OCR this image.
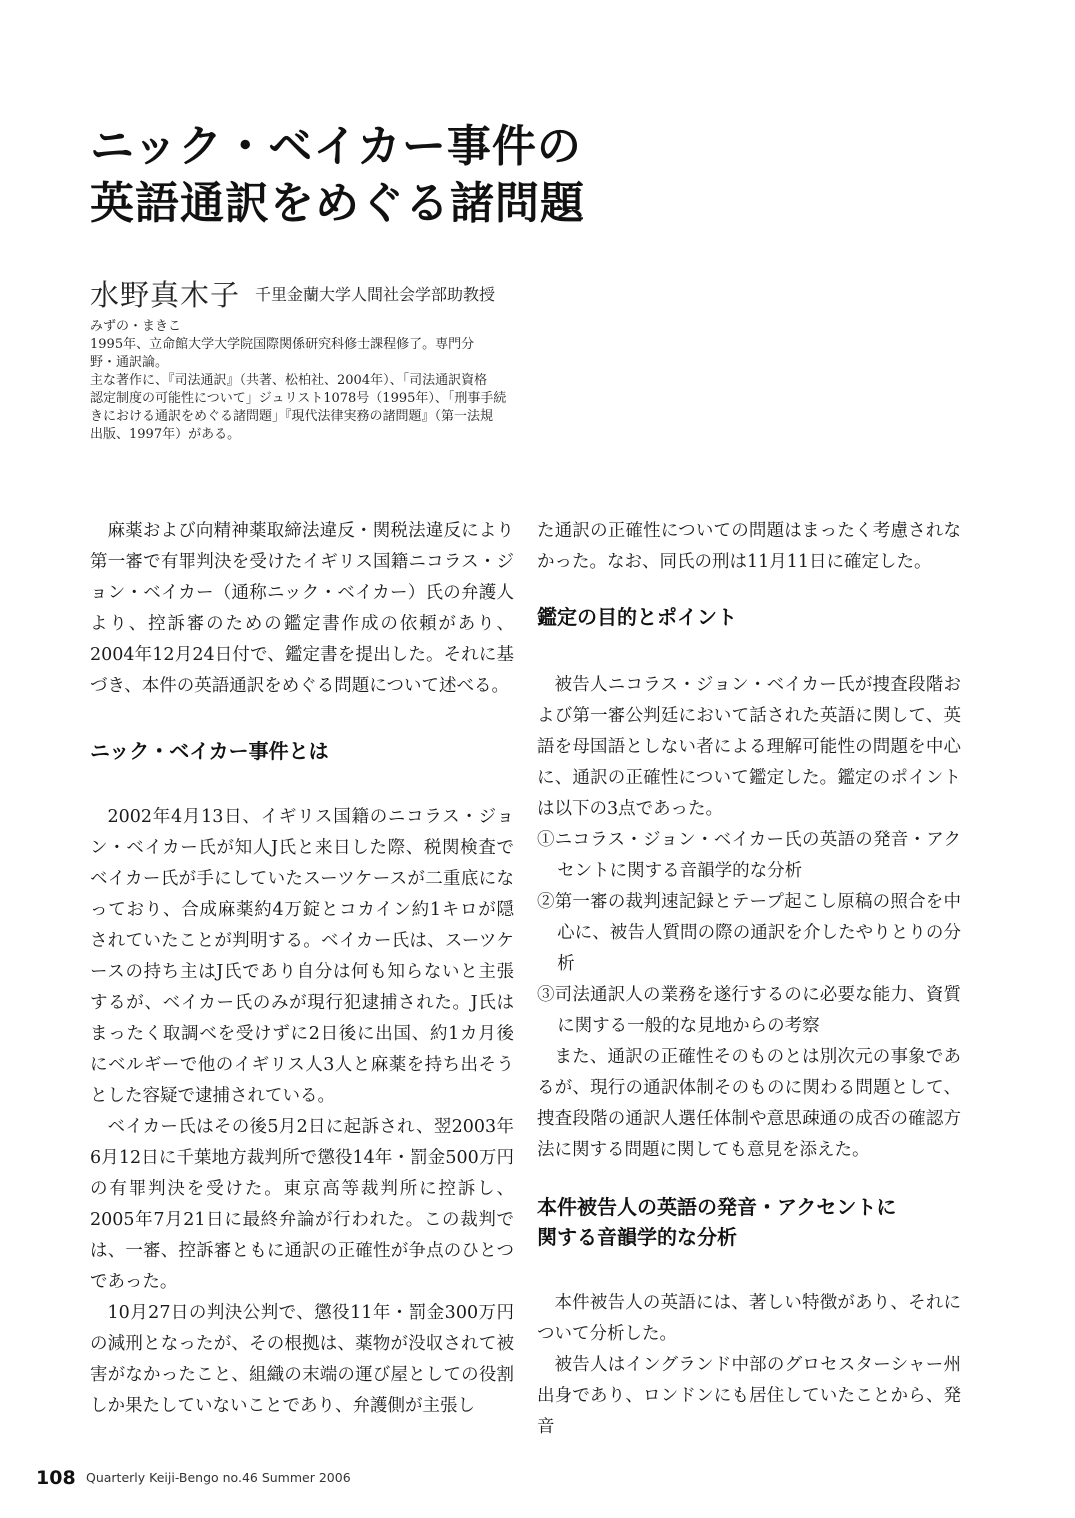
ニック・ベイカー事件の
英語通訳をめぐる諸問題
水野真木子 千里金蘭大学人間社会学部助教授

みずの・まきこ

1995年、立命館大学大学院国際関係研究科修士課程修了。専門分

野・通訳論。

主な著作に、『司法通訳』（共著、松柏社、2004年）、「司法通訳資格

認定制度の可能性について」ジュリスト1078号（1995年）、「刑事手続

きにおける通訳をめぐる諸問題」『現代法律実務の諸問題』（第一法規

出版、1997年）がある。

麻薬および向精神薬取締法違反・関税法違反により第一審で有罪判決を受けたイギリス国籍ニコラス・ジョン・ベイカー（通称ニック・ベイカー）氏の弁護人より、控訴審のための鑑定書作成の依頼があり、2004年12月24日付で、鑑定書を提出した。それに基づき、本件の英語通訳をめぐる問題について述べる。

ニック・ベイカー事件とは

2002年4月13日、イギリス国籍のニコラス・ジョン・ベイカー氏が知人J氏と来日した際、税関検査でベイカー氏が手にしていたスーツケースが二重底になっており、合成麻薬約4万錠とコカイン約1キロが隠されていたことが判明する。ベイカー氏は、スーツケースの持ち主はJ氏であり自分は何も知らないと主張するが、ベイカー氏のみが現行犯逮捕された。J氏はまったく取調べを受けずに2日後に出国、約1カ月後にベルギーで他のイギリス人3人と麻薬を持ち出そうとした容疑で逮捕されている。

ベイカー氏はその後5月2日に起訴され、翌2003年6月12日に千葉地方裁判所で懲役14年・罰金500万円の有罪判決を受けた。東京高等裁判所に控訴し、2005年7月21日に最終弁論が行われた。この裁判では、一審、控訴審ともに通訳の正確性が争点のひとつであった。

10月27日の判決公判で、懲役11年・罰金300万円の減刑となったが、その根拠は、薬物が没収されて被害がなかったこと、組織の末端の運び屋としての役割しか果たしていないことであり、弁護側が主張し

た通訳の正確性についての問題はまったく考慮されなかった。なお、同氏の刑は11月11日に確定した。

鑑定の目的とポイント

被告人ニコラス・ジョン・ベイカー氏が捜査段階および第一審公判廷において話された英語に関して、英語を母国語としない者による理解可能性の問題を中心に、通訳の正確性について鑑定した。鑑定のポイントは以下の3点であった。

①ニコラス・ジョン・ベイカー氏の英語の発音・アクセントに関する音韻学的な分析

②第一審の裁判速記録とテープ起こし原稿の照合を中心に、被告人質問の際の通訳を介したやりとりの分析

③司法通訳人の業務を遂行するのに必要な能力、資質に関する一般的な見地からの考察

また、通訳の正確性そのものとは別次元の事象であるが、現行の通訳体制そのものに関わる問題として、捜査段階の通訳人選任体制や意思疎通の成否の確認方法に関する問題に関しても意見を添えた。

本件被告人の英語の発音・アクセントに
関する音韻学的な分析

本件被告人の英語には、著しい特徴があり、それについて分析した。

被告人はイングランド中部のグロセスターシャー州出身であり、ロンドンにも居住していたことから、発音

108 Quarterly Keiji-Bengo no.46 Summer 2006
